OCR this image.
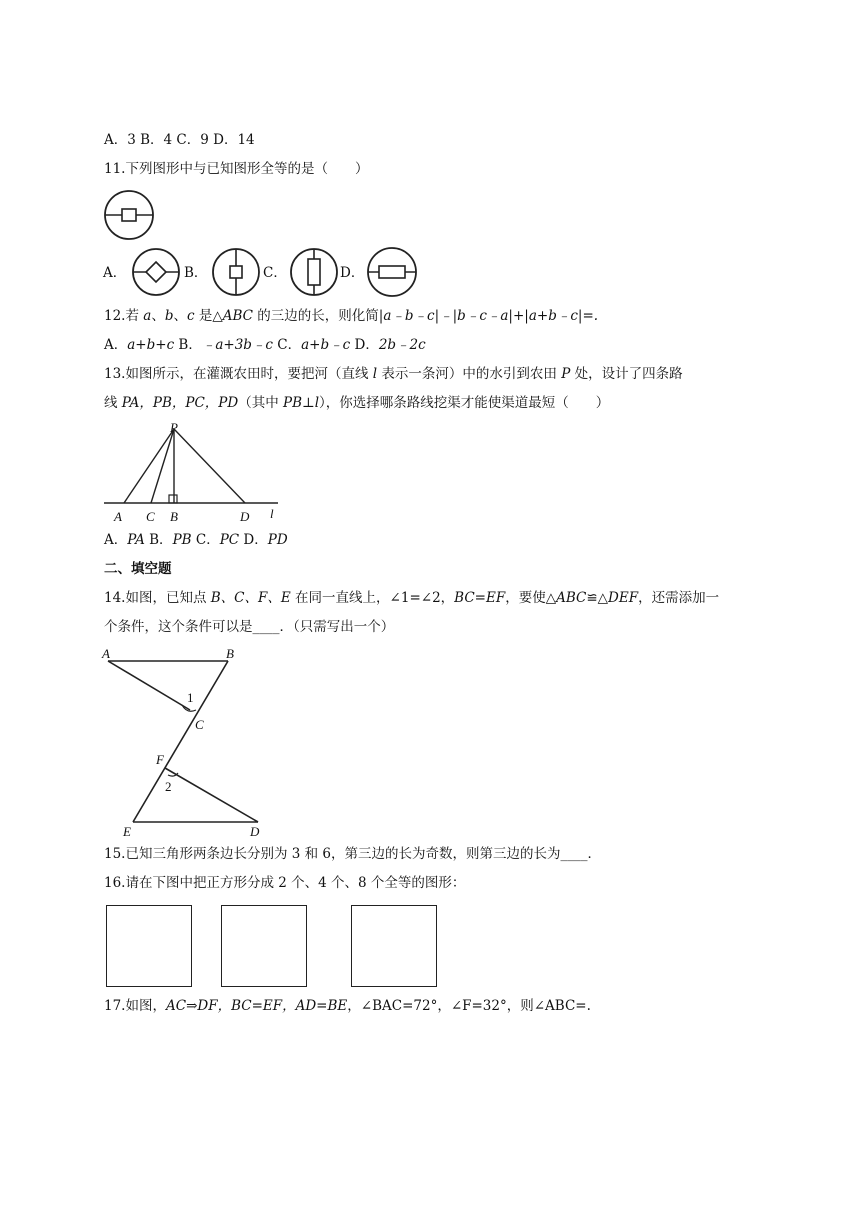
A．3 B．4 C．9 D．14
11.下列图形中与已知图形全等的是（　　）
A．	B．	C．	D．
12.若 a、b、c 是△ABC 的三边的长，则化简|a﹣b﹣c|﹣|b﹣c﹣a|+|a+b﹣c|=.
A．a+b+c B．﹣a+3b﹣c C．a+b﹣c D．2b﹣2c
13.如图所示，在灌溉农田时，要把河（直线 l 表示一条河）中的水引到农田 P 处，设计了四条路
线 PA，PB，PC，PD（其中 PB⊥l），你选择哪条路线挖渠才能使渠道最短（　　）
P
A C B	D l
A．PA B．PB C．PC D．PD
二、填空题
14.如图，已知点 B、C、F、E 在同一直线上，∠1=∠2，BC=EF，要使△ABC≌△DEF，还需添加一
个条件，这个条件可以是____．（只需写出一个）
A	B
1
C
F
2
E	D
15.已知三角形两条边长分别为 3 和 6，第三边的长为奇数，则第三边的长为____．
16.请在下图中把正方形分成 2 个、4 个、8 个全等的图形：
17.如图，AC⇒DF，BC=EF，AD=BE，∠BAC=72°，∠F=32°，则∠ABC=.
